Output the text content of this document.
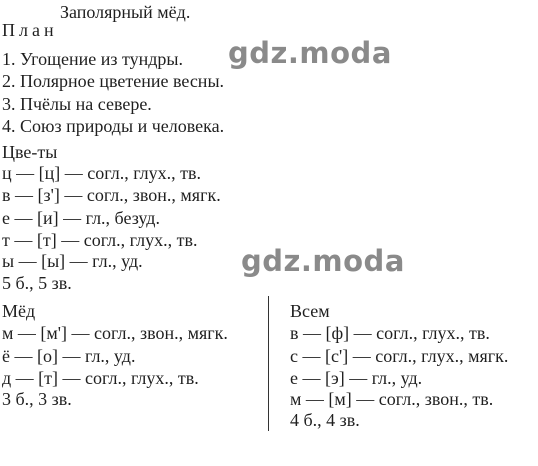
Заполярный мёд.
План
1. Угощение из тундры.
2. Полярное цветение весны.
3. Пчёлы на севере.
4. Союз природы и человека.
Цве-ты
ц — [ц] — согл., глух., тв.
в — [з'] — согл., звон., мягк.
е — [и] — гл., безуд.
т — [т] — согл., глух., тв.
ы — [ы] — гл., уд.
5 б., 5 зв.
Мёд
м — [м'] — согл., звон., мягк.
ё — [о] — гл., уд.
д — [т] — согл., глух., тв.
3 б., 3 зв.
Всем
в — [ф] — согл., глух., тв.
с — [с'] — согл., глух., мягк.
е — [э] — гл., уд.
м — [м] — согл., звон., тв.
4 б., 4 зв.
gdz.moda
gdz.moda
